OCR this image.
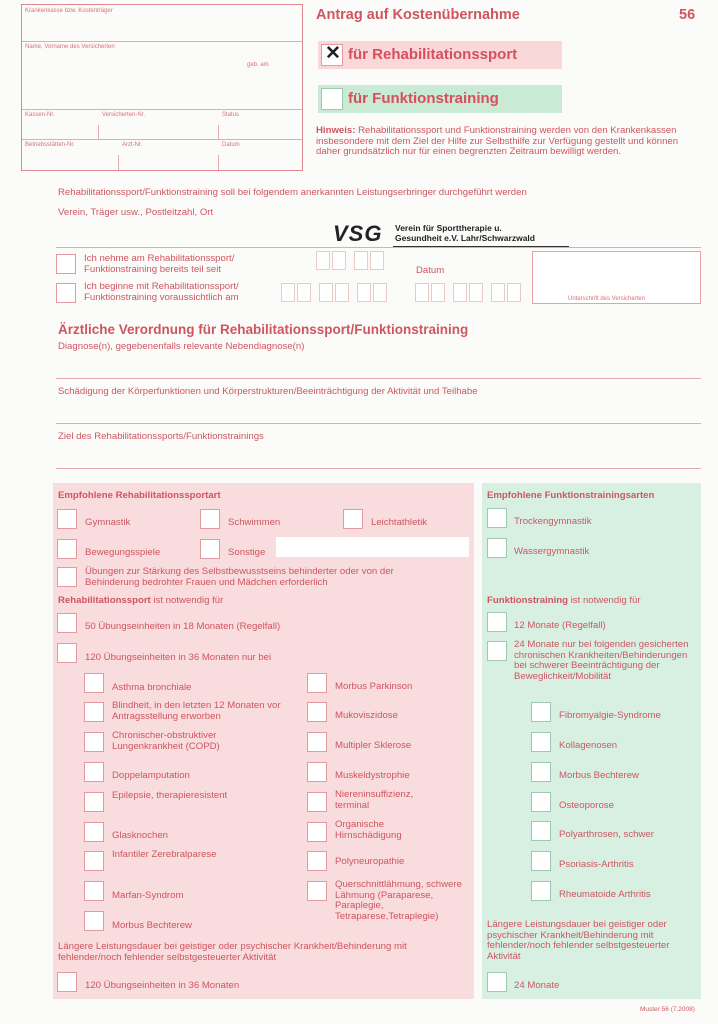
Krankenkasse bzw. Kostenträger
Name, Vorname des Versicherten
geb. am
Kassen-Nr.	Versicherten-Nr.	Status
Betriebsstätten-Nr.	Arzt-Nr.	Datum
Antrag auf Kostenübernahme	56
✕ für Rehabilitationssport
für Funktionstraining
Hinweis: Rehabilitationssport und Funktionstraining werden von den Krankenkassen insbesondere mit dem Ziel der Hilfe zur Selbsthilfe zur Verfügung gestellt und können daher grundsätzlich nur für einen begrenzten Zeitraum bewilligt werden.
Rehabilitationssport/Funktionstraining soll bei folgendem anerkannten Leistungserbringer durchgeführt werden
Verein, Träger usw., Postleitzahl, Ort
VSG Verein für Sporttherapie u.
Gesundheit e.V. Lahr/Schwarzwald
Ich nehme am Rehabilitationssport/ Funktionstraining bereits teil seit	Datum
Ich beginne mit Rehabilitationssport/ Funktionstraining voraussichtlich am	Unterschrift des Versicherten
Ärztliche Verordnung für Rehabilitationssport/Funktionstraining
Diagnose(n), gegebenenfalls relevante Nebendiagnose(n)
Schädigung der Körperfunktionen und Körperstrukturen/Beeinträchtigung der Aktivität und Teilhabe
Ziel des Rehabilitationssports/Funktionstrainings
Empfohlene Rehabilitationssportart
Gymnastik	Schwimmen	Leichtathletik
Bewegungsspiele	Sonstige
Übungen zur Stärkung des Selbstbewusstseins behinderter oder von der Behinderung bedrohter Frauen und Mädchen erforderlich
Rehabilitationssport ist notwendig für
50 Übungseinheiten in 18 Monaten (Regelfall)
120 Übungseinheiten in 36 Monaten nur bei
Asthma bronchiale
Blindheit, in den letzten 12 Monaten vor Antragsstellung erworben
Chronischer-obstruktiver Lungenkrankheit (COPD)
Doppelamputation
Epilepsie, therapieresistent
Glasknochen
Infantiler Zerebralparese
Marfan-Syndrom
Morbus Bechterew
Morbus Parkinson
Mukoviszidose
Multipler Sklerose
Muskeldystrophie
Niereninsuffizienz, terminal
Organische Hirnschädigung
Polyneuropathie
Querschnittlähmung, schwere Lähmung (Paraparese, Paraplegie, Tetraparese,Tetraplegie)
Längere Leistungsdauer bei geistiger oder psychischer Krankheit/Behinderung mit fehlender/noch fehlender selbstgesteuerter Aktivität
120 Übungseinheiten in 36 Monaten
Empfohlene Funktionstrainingsarten
Trockengymnastik
Wassergymnastik
Funktionstraining ist notwendig für
12 Monate (Regelfall)
24 Monate nur bei folgenden gesicherten chronischen Krankheiten/Behinderungen bei schwerer Beeinträchtigung der Beweglichkeit/Mobilität
Fibromyalgie-Syndrome
Kollagenosen
Morbus Bechterew
Osteoporose
Polyarthrosen, schwer
Psoriasis-Arthritis
Rheumatoide Arthritis
Längere Leistungsdauer bei geistiger oder psychischer Krankheit/Behinderung mit fehlender/noch fehlender selbstgesteuerter Aktivität
24 Monate
Muster 56 (7.2008)
